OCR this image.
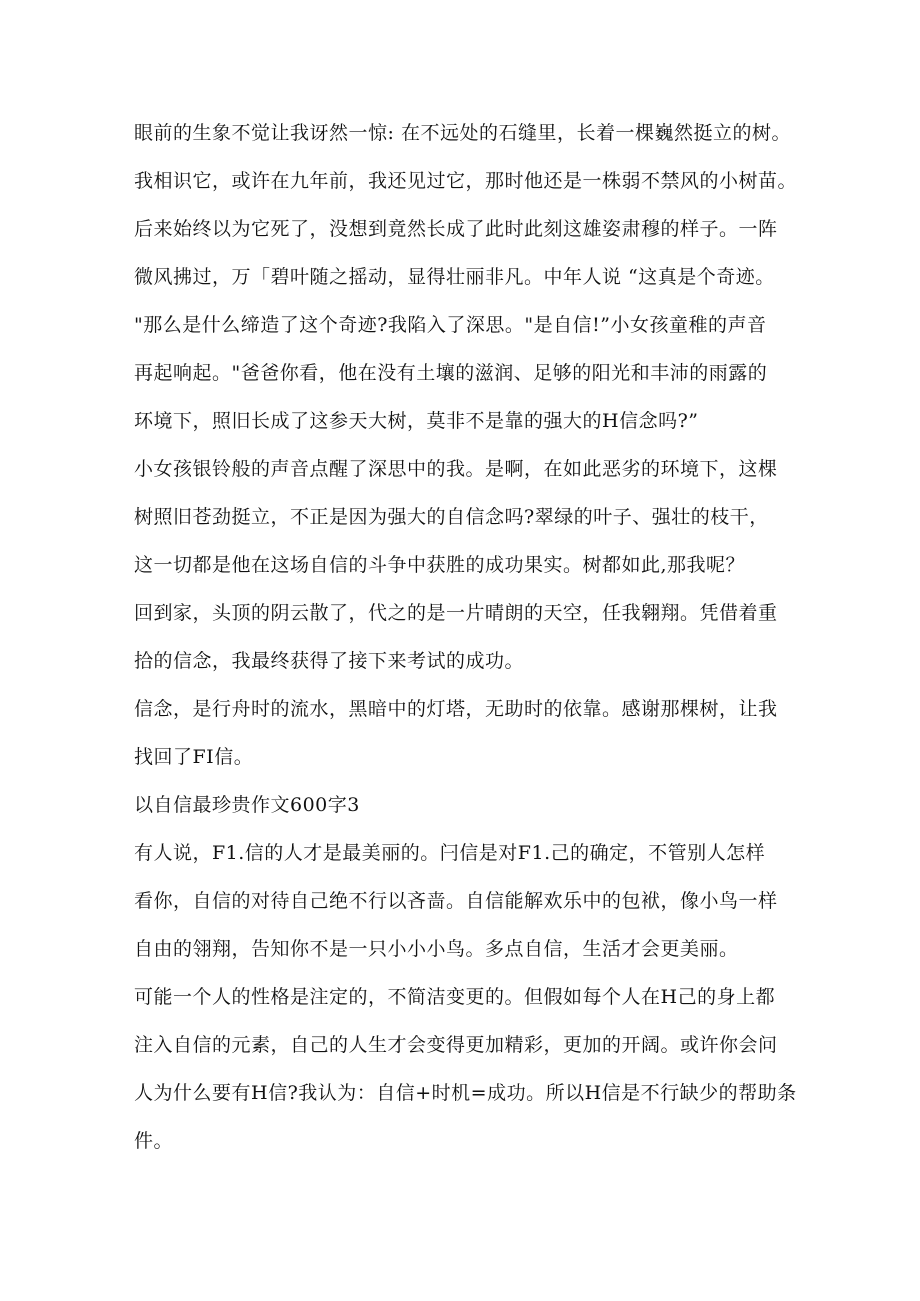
眼前的生象不觉让我讶然一惊: 在不远处的石缝里，长着一棵巍然挺立的树。
我相识它，或许在九年前，我还见过它，那时他还是一株弱不禁风的小树苗。
后来始终以为它死了，没想到竟然长成了此时此刻这雄姿肃穆的样子。一阵
微风拂过，万「碧叶随之摇动，显得壮丽非凡。中年人说 “这真是个奇迹。
"那么是什么缔造了这个奇迹?我陷入了深思。"是自信!”小女孩童稚的声音
再起响起。"爸爸你看，他在没有土壤的滋润、足够的阳光和丰沛的雨露的
环境下，照旧长成了这参天大树，莫非不是靠的强大的H信念吗?”

小女孩银铃般的声音点醒了深思中的我。是啊，在如此恶劣的环境下，这棵
树照旧苍劲挺立，不正是因为强大的自信念吗?翠绿的叶子、强壮的枝干，
这一切都是他在这场自信的斗争中获胜的成功果实。树都如此,那我呢？

回到家，头顶的阴云散了，代之的是一片晴朗的天空，任我翱翔。凭借着重
拾的信念，我最终获得了接下来考试的成功。

信念，是行舟时的流水，黑暗中的灯塔，无助时的依靠。感谢那棵树，让我
找回了FI信。

以自信最珍贵作文600字3

有人说，F1.信的人才是最美丽的。闩信是对F1.己的确定，不管别人怎样
看你，自信的对待自己绝不行以吝啬。自信能解欢乐中的包袱，像小鸟一样
自由的翎翔，告知你不是一只小小小鸟。多点自信，生活才会更美丽。

可能一个人的性格是注定的，不简洁变更的。但假如每个人在H己的身上都
注入自信的元素，自己的人生才会变得更加精彩，更加的开阔。或许你会问
人为什么要有H信?我认为：自信+时机=成功。所以H信是不行缺少的帮助条
件。
